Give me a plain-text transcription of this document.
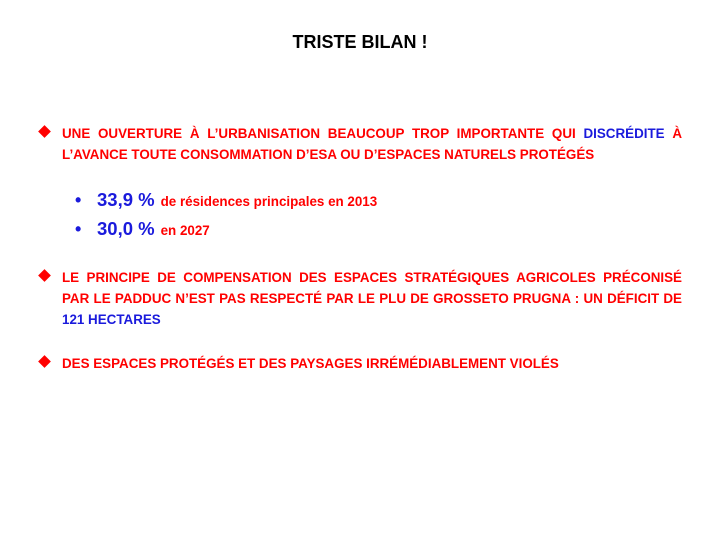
TRISTE BILAN !
UNE OUVERTURE À L’URBANISATION BEAUCOUP TROP IMPORTANTE QUI DISCRÉDITE À L’AVANCE TOUTE CONSOMMATION D’ESA OU D’ESPACES NATURELS PROTÉGÉS
• 33,9 % de résidences principales en 2013
• 30,0 % en 2027
LE PRINCIPE DE COMPENSATION DES ESPACES STRATÉGIQUES AGRICOLES PRÉCONISÉ PAR LE PADDUC N’EST PAS RESPECTÉ PAR LE PLU DE GROSSETO PRUGNA : UN DÉFICIT DE 121 HECTARES
DES ESPACES PROTÉGÉS ET DES PAYSAGES IRRÉMÉDIABLEMENT VIOLÉS
